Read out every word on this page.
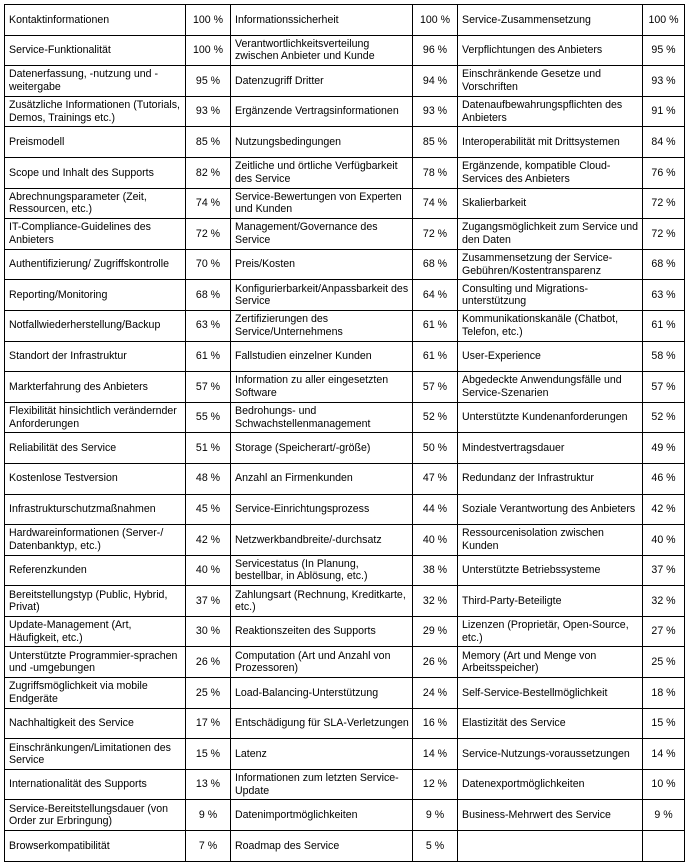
Kontaktinformationen	100 %	Informationssicherheit	100 %	Service-Zusammensetzung	100 %
Service-Funktionalität	100 %	Verantwortlichkeitsverteilung zwischen Anbieter und Kunde	96 %	Verpflichtungen des Anbieters	95 %
Datenerfassung, -nutzung und -weitergabe	95 %	Datenzugriff Dritter	94 %	Einschränkende Gesetze und Vorschriften	93 %
Zusätzliche Informationen (Tutorials, Demos, Trainings etc.)	93 %	Ergänzende Vertragsinformationen	93 %	Datenaufbewahrungspflichten des Anbieters	91 %
Preismodell	85 %	Nutzungsbedingungen	85 %	Interoperabilität mit Drittsystemen	84 %
Scope und Inhalt des Supports	82 %	Zeitliche und örtliche Verfügbarkeit des Service	78 %	Ergänzende, kompatible Cloud-Services des Anbieters	76 %
Abrechnungsparameter (Zeit, Ressourcen, etc.)	74 %	Service-Bewertungen von Experten und Kunden	74 %	Skalierbarkeit	72 %
IT-Compliance-Guidelines des Anbieters	72 %	Management/Governance des Service	72 %	Zugangsmöglichkeit zum Service und den Daten	72 %
Authentifizierung/ Zugriffskontrolle	70 %	Preis/Kosten	68 %	Zusammensetzung der Service-Gebühren/Kostentransparenz	68 %
Reporting/Monitoring	68 %	Konfigurierbarkeit/Anpassbarkeit des Service	64 %	Consulting und Migrations-unterstützung	63 %
Notfallwiederherstellung/Backup	63 %	Zertifizierungen des Service/Unternehmens	61 %	Kommunikationskanäle (Chatbot, Telefon, etc.)	61 %
Standort der Infrastruktur	61 %	Fallstudien einzelner Kunden	61 %	User-Experience	58 %
Markterfahrung des Anbieters	57 %	Information zu aller eingesetzten Software	57 %	Abgedeckte Anwendungsfälle und Service-Szenarien	57 %
Flexibilität hinsichtlich verändernder Anforderungen	55 %	Bedrohungs- und Schwachstellenmanagement	52 %	Unterstützte Kundenanforderungen	52 %
Reliabilität des Service	51 %	Storage (Speicherart/-größe)	50 %	Mindestvertragsdauer	49 %
Kostenlose Testversion	48 %	Anzahl an Firmenkunden	47 %	Redundanz der Infrastruktur	46 %
Infrastrukturschutzmaßnahmen	45 %	Service-Einrichtungsprozess	44 %	Soziale Verantwortung des Anbieters	42 %
Hardwareinformationen (Server-/ Datenbanktyp, etc.)	42 %	Netzwerkbandbreite/-durchsatz	40 %	Ressourcenisolation zwischen Kunden	40 %
Referenzkunden	40 %	Servicestatus (In Planung, bestellbar, in Ablösung, etc.)	38 %	Unterstützte Betriebssysteme	37 %
Bereitstellungstyp (Public, Hybrid, Privat)	37 %	Zahlungsart (Rechnung, Kreditkarte, etc.)	32 %	Third-Party-Beteiligte	32 %
Update-Management (Art, Häufigkeit, etc.)	30 %	Reaktionszeiten des Supports	29 %	Lizenzen (Proprietär, Open-Source, etc.)	27 %
Unterstützte Programmier-sprachen und -umgebungen	26 %	Computation (Art und Anzahl von Prozessoren)	26 %	Memory (Art und Menge von Arbeitsspeicher)	25 %
Zugriffsmöglichkeit via mobile Endgeräte	25 %	Load-Balancing-Unterstützung	24 %	Self-Service-Bestellmöglichkeit	18 %
Nachhaltigkeit des Service	17 %	Entschädigung für SLA-Verletzungen	16 %	Elastizität des Service	15 %
Einschränkungen/Limitationen des Service	15 %	Latenz	14 %	Service-Nutzungs-voraussetzungen	14 %
Internationalität des Supports	13 %	Informationen zum letzten Service-Update	12 %	Datenexportmöglichkeiten	10 %
Service-Bereitstellungsdauer (von Order zur Erbringung)	9 %	Datenimportmöglichkeiten	9 %	Business-Mehrwert des Service	9 %
Browserkompatibilität	7 %	Roadmap des Service	5 %		
